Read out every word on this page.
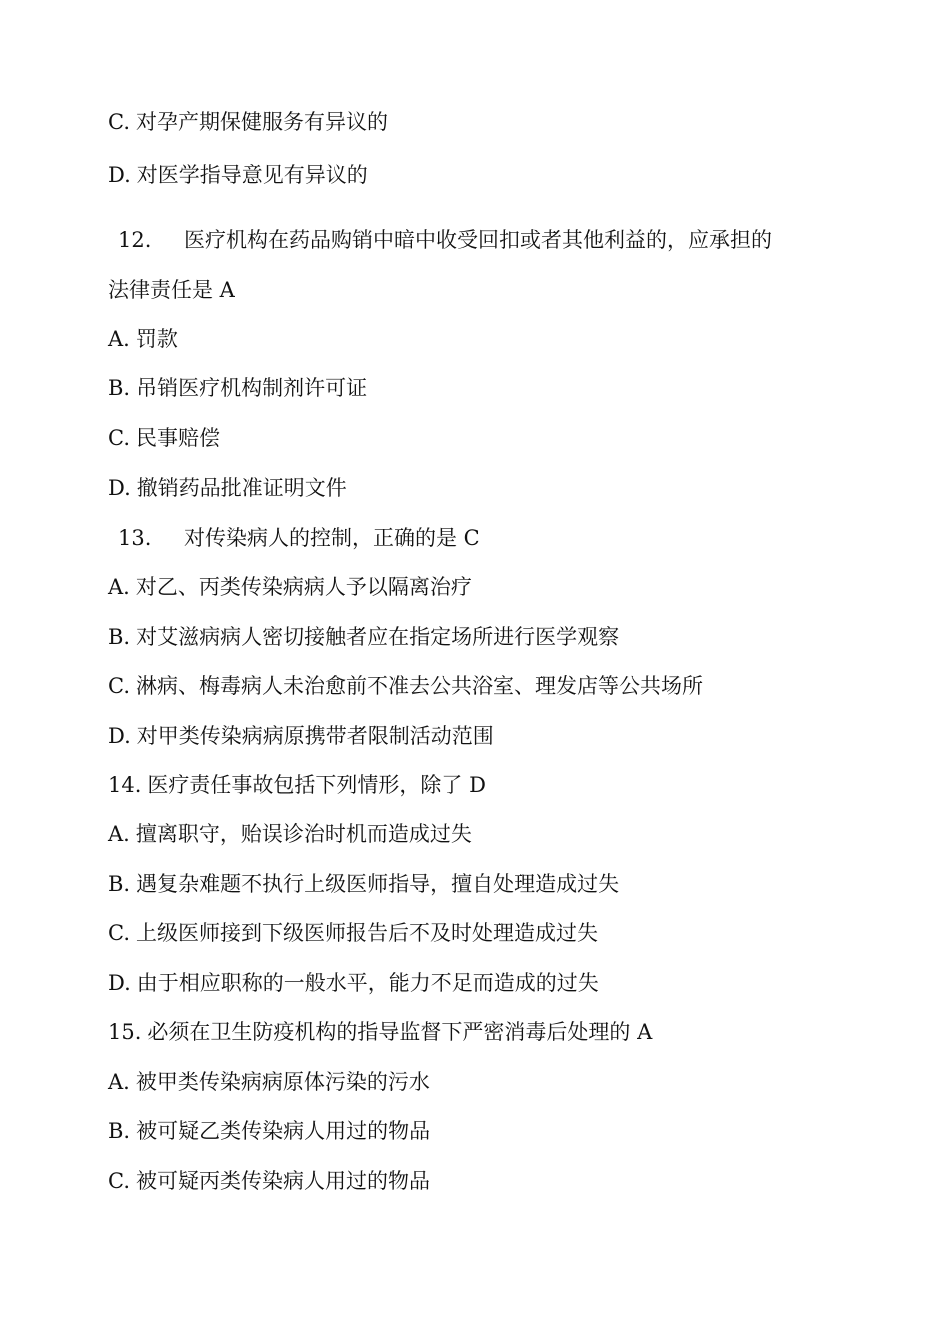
C. 对孕产期保健服务有异议的
D. 对医学指导意见有异议的
12. 医疗机构在药品购销中暗中收受回扣或者其他利益的，应承担的
法律责任是 A
A. 罚款
B. 吊销医疗机构制剂许可证
C. 民事赔偿
D. 撤销药品批准证明文件
13. 对传染病人的控制，正确的是 C
A. 对乙、丙类传染病病人予以隔离治疗
B. 对艾滋病病人密切接触者应在指定场所进行医学观察
C. 淋病、梅毒病人未治愈前不准去公共浴室、理发店等公共场所
D. 对甲类传染病病原携带者限制活动范围
14. 医疗责任事故包括下列情形，除了 D
A. 擅离职守，贻误诊治时机而造成过失
B. 遇复杂难题不执行上级医师指导，擅自处理造成过失
C. 上级医师接到下级医师报告后不及时处理造成过失
D. 由于相应职称的一般水平，能力不足而造成的过失
15. 必须在卫生防疫机构的指导监督下严密消毒后处理的 A
A. 被甲类传染病病原体污染的污水
B. 被可疑乙类传染病人用过的物品
C. 被可疑丙类传染病人用过的物品
